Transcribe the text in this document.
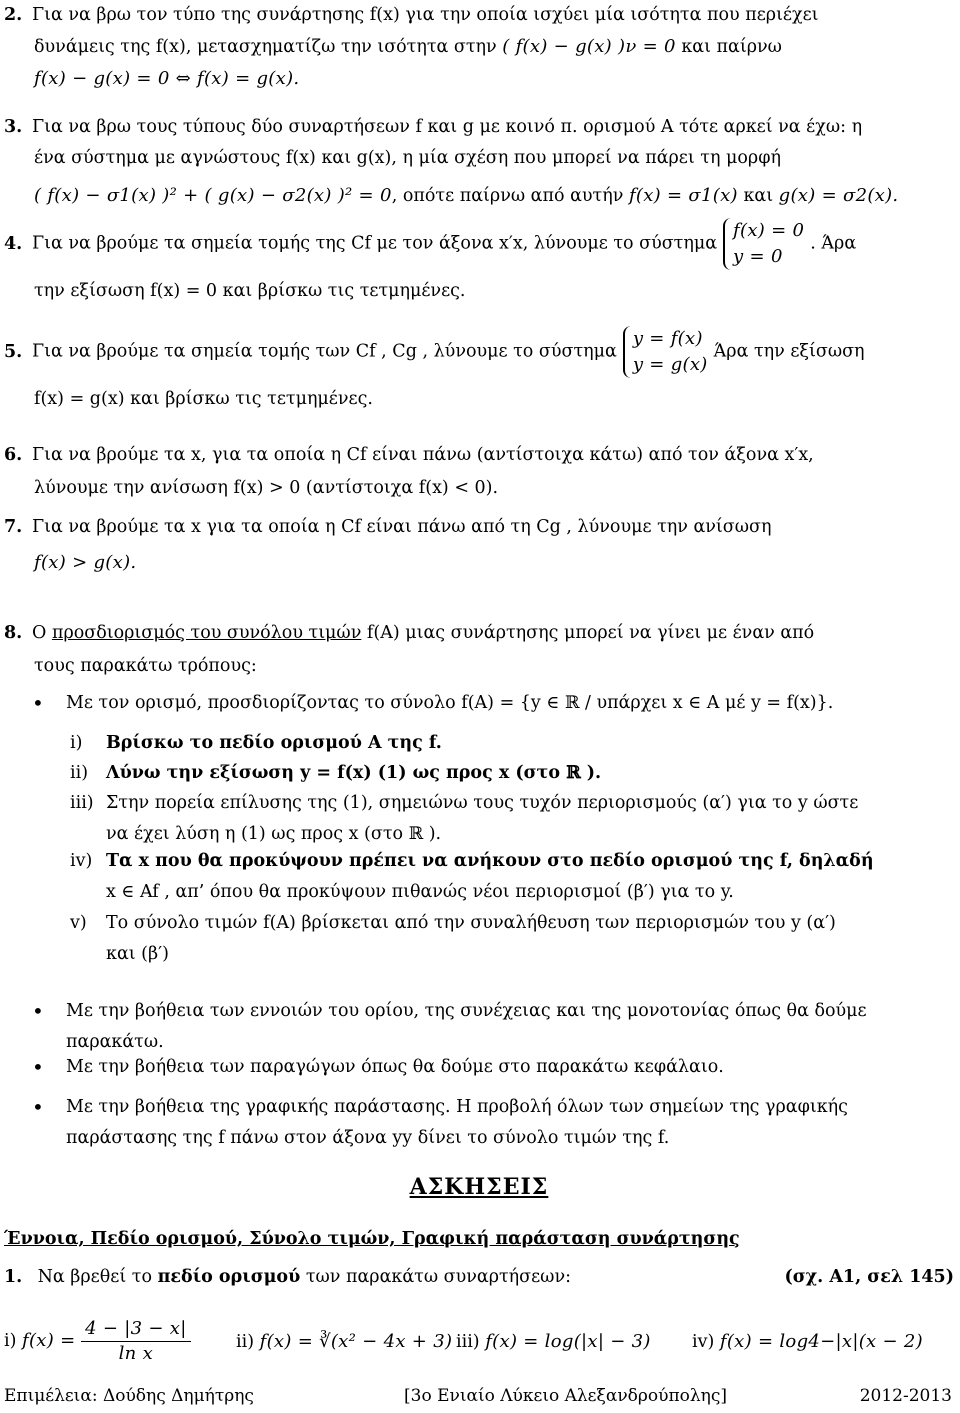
2. Για να βρω τον τύπο της συνάρτησης f(x) για την οποία ισχύει μία ισότητα που περιέχει
δυνάμεις της f(x), μετασχηματίζω την ισότητα στην ( f(x) − g(x) )ν = 0 και παίρνω
f(x) − g(x) = 0 ⇔ f(x) = g(x).
3. Για να βρω τους τύπους δύο συναρτήσεων f και g με κοινό π. ορισμού A τότε αρκεί να έχω: η
ένα σύστημα με αγνώστους f(x) και g(x), η μία σχέση που μπορεί να πάρει τη μορφή
( f(x) − σ1(x) )² + ( g(x) − σ2(x) )² = 0, οπότε παίρνω από αυτήν f(x) = σ1(x) και g(x) = σ2(x).
4. Για να βρούμε τα σημεία τομής της Cf με τον άξονα x′x, λύνουμε το σύστημα
f(x) = 0
y = 0
. Άρα
την εξίσωση f(x) = 0 και βρίσκω τις τετμημένες.
5. Για να βρούμε τα σημεία τομής των Cf , Cg , λύνουμε το σύστημα
y = f(x)
y = g(x)
Άρα την εξίσωση
f(x) = g(x) και βρίσκω τις τετμημένες.
6. Για να βρούμε τα x, για τα οποία η Cf είναι πάνω (αντίστοιχα κάτω) από τον άξονα x′x,
λύνουμε την ανίσωση f(x) > 0 (αντίστοιχα f(x) < 0).
7. Για να βρούμε τα x για τα οποία η Cf είναι πάνω από τη Cg , λύνουμε την ανίσωση
f(x) > g(x).
8. Ο προσδιορισμός του συνόλου τιμών f(A) μιας συνάρτησης μπορεί να γίνει με έναν από
τους παρακάτω τρόπους:
• Με τον ορισμό, προσδιορίζοντας το σύνολο f(A) = {y ∈ ℝ / υπάρχει x ∈ A μέ y = f(x)}.
i) Βρίσκω το πεδίο ορισμού A της f.
ii) Λύνω την εξίσωση y = f(x) (1) ως προς x (στο ℝ ).
iii) Στην πορεία επίλυσης της (1), σημειώνω τους τυχόν περιορισμούς (α′) για το y ώστε
να έχει λύση η (1) ως προς x (στο ℝ ).
iv) Τα x που θα προκύψουν πρέπει να ανήκουν στο πεδίο ορισμού της f, δηλαδή
x ∈ Af , απ’ όπου θα προκύψουν πιθανώς νέοι περιορισμοί (β′) για το y.
v) Το σύνολο τιμών f(A) βρίσκεται από την συναλήθευση των περιορισμών του y (α′)
και (β′)
• Με την βοήθεια των εννοιών του ορίου, της συνέχειας και της μονοτονίας όπως θα δούμε
παρακάτω.
• Με την βοήθεια των παραγώγων όπως θα δούμε στο παρακάτω κεφάλαιο.
• Με την βοήθεια της γραφικής παράστασης. Η προβολή όλων των σημείων της γραφικής
παράστασης της f πάνω στον άξονα yy δίνει το σύνολο τιμών της f.
ΑΣΚΗΣΕΙΣ
Έννοια, Πεδίο ορισμού, Σύνολο τιμών, Γραφική παράσταση συνάρτησης
1. Να βρεθεί το πεδίο ορισμού των παρακάτω συναρτήσεων:	(σχ. Α1, σελ 145)
i) $f(x) = \frac{4 - |3 - x|}{\text{ln x}}$	ii) f(x) = ∛(x² − 4x + 3) iii) f(x) = log(|x| − 3) iv) f(x) = log4−|x|(x − 2)
Επιμέλεια: Δούδης Δημήτρης	[3ο Ενιαίο Λύκειο Αλεξανδρούπολης]	2012-2013
